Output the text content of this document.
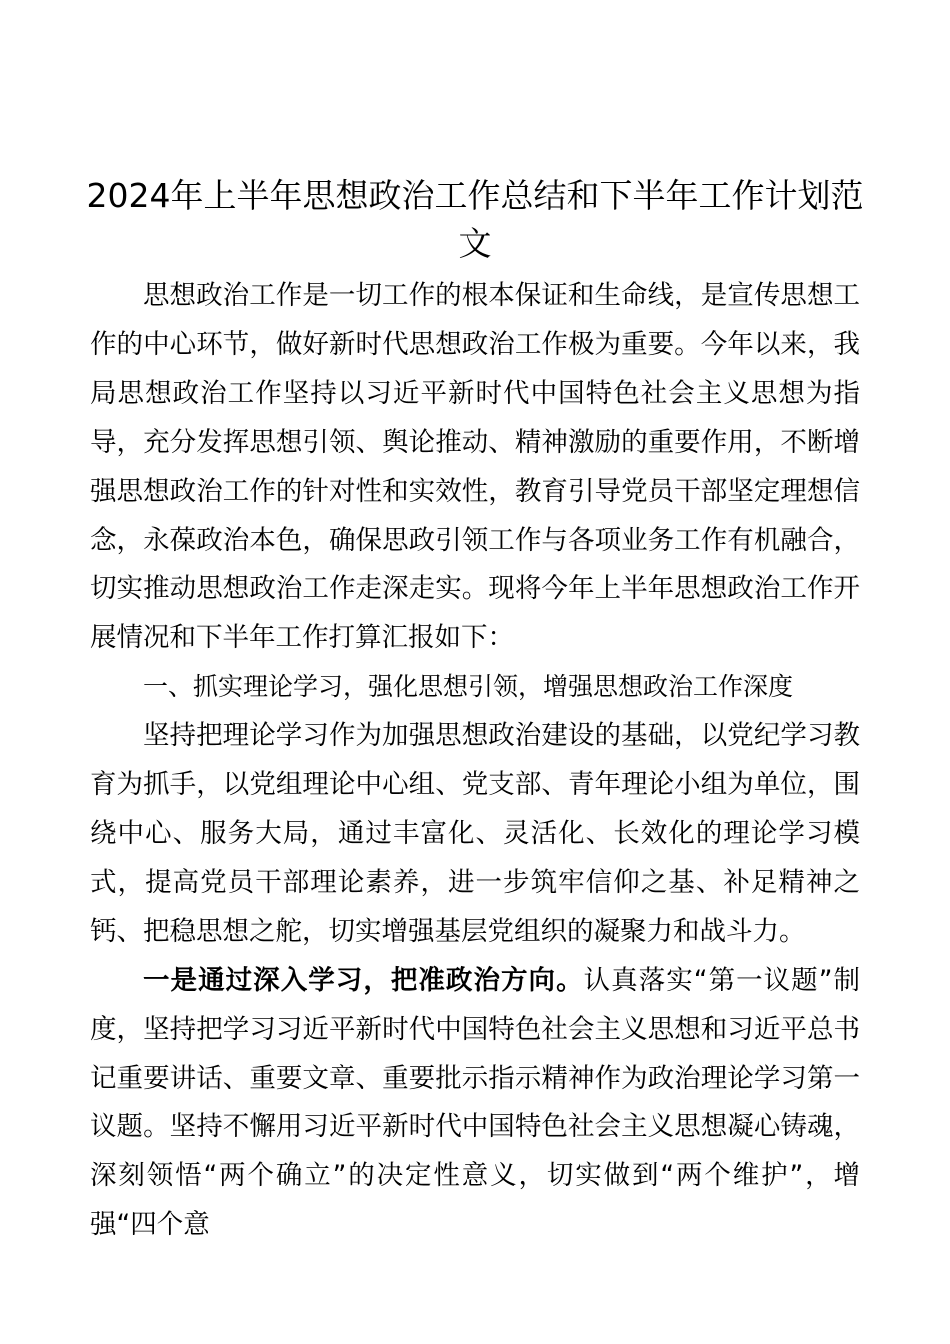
2024年上半年思想政治工作总结和下半年工作计划范文

思想政治工作是一切工作的根本保证和生命线，是宣传思想工作的中心环节，做好新时代思想政治工作极为重要。今年以来，我局思想政治工作坚持以习近平新时代中国特色社会主义思想为指导，充分发挥思想引领、舆论推动、精神激励的重要作用，不断增强思想政治工作的针对性和实效性，教育引导党员干部坚定理想信念，永葆政治本色，确保思政引领工作与各项业务工作有机融合，切实推动思想政治工作走深走实。现将今年上半年思想政治工作开展情况和下半年工作打算汇报如下：

一、抓实理论学习，强化思想引领，增强思想政治工作深度

坚持把理论学习作为加强思想政治建设的基础，以党纪学习教育为抓手，以党组理论中心组、党支部、青年理论小组为单位，围绕中心、服务大局，通过丰富化、灵活化、长效化的理论学习模式，提高党员干部理论素养，进一步筑牢信仰之基、补足精神之钙、把稳思想之舵，切实增强基层党组织的凝聚力和战斗力。

一是通过深入学习，把准政治方向。认真落实“第一议题”制度，坚持把学习习近平新时代中国特色社会主义思想和习近平总书记重要讲话、重要文章、重要批示指示精神作为政治理论学习第一议题。坚持不懈用习近平新时代中国特色社会主义思想凝心铸魂，深刻领悟“两个确立”的决定性意义，切实做到“两个维护”，增强“四个意
